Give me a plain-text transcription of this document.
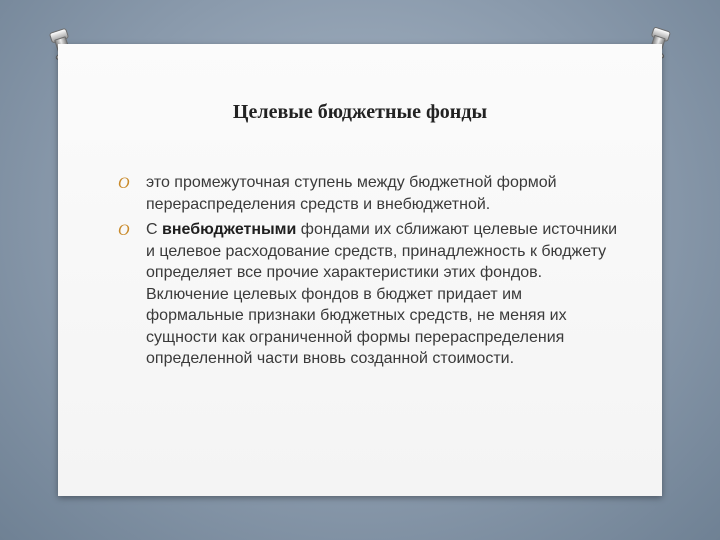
Целевые бюджетные фонды
O это промежуточная ступень между бюджетной формой перераспределения средств и внебюджетной.
O С внебюджетными фондами их сближают целевые источники и целевое расходование средств, принадлежность к бюджету определяет все прочие характеристики этих фондов. Включение целевых фондов в бюджет придает им формальные признаки бюджетных средств, не меняя их сущности как ограниченной формы перераспределения определенной части вновь созданной стоимости.
